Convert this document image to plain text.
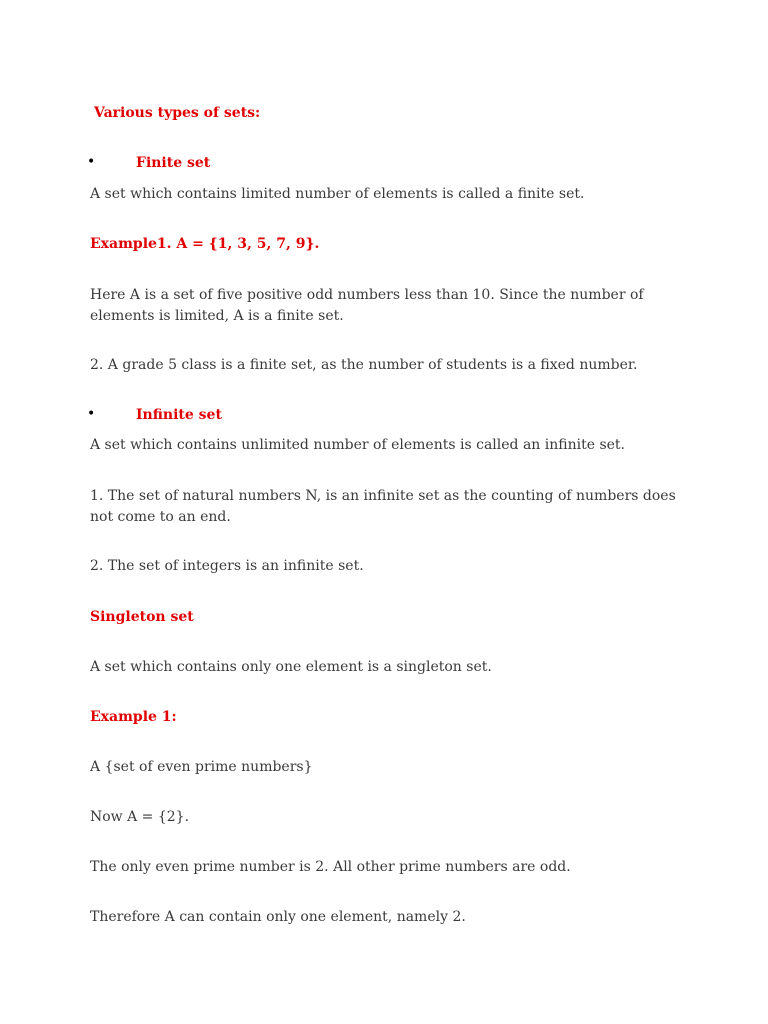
Various types of sets:
•	Finite set
A set which contains limited number of elements is called a finite set.
Example1. A = {1, 3, 5, 7, 9}.
Here A is a set of five positive odd numbers less than 10. Since the number of elements is limited, A is a finite set.
2. A grade 5 class is a finite set, as the number of students is a fixed number.
•	Infinite set
A set which contains unlimited number of elements is called an infinite set.
1. The set of natural numbers N, is an infinite set as the counting of numbers does not come to an end.
2. The set of integers is an infinite set.
Singleton set
A set which contains only one element is a singleton set.
Example 1:
A {set of even prime numbers}
Now A = {2}.
The only even prime number is 2. All other prime numbers are odd.
Therefore A can contain only one element, namely 2.
